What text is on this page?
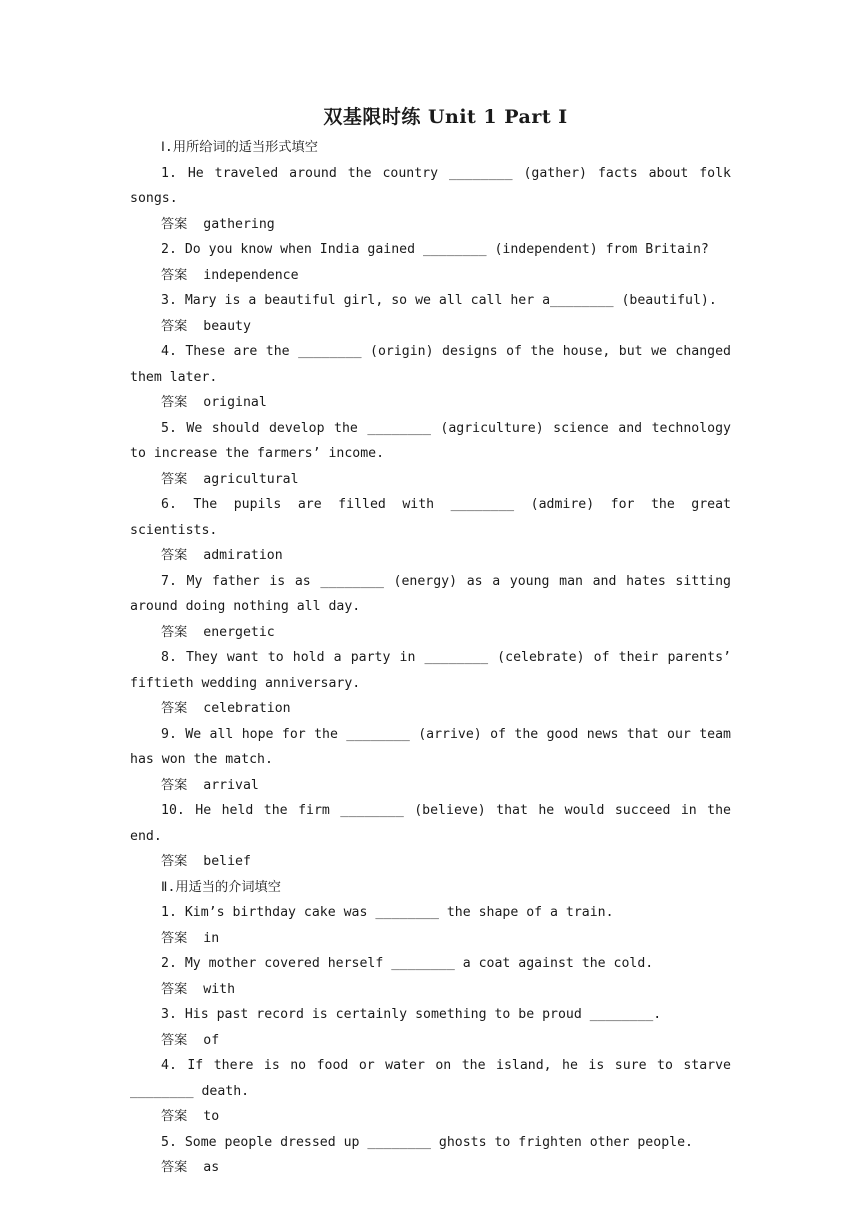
双基限时练 Unit 1 Part Ⅰ
Ⅰ.用所给词的适当形式填空
1. He traveled around the country ________ (gather) facts about folk songs.
答案 gathering
2. Do you know when India gained ________ (independent) from Britain?
答案 independence
3. Mary is a beautiful girl, so we all call her a________ (beautiful).
答案 beauty
4. These are the ________ (origin) designs of the house, but we changed them later.
答案 original
5. We should develop the ________ (agriculture) science and technology to increase the farmers’ income.
答案 agricultural
6. The pupils are filled with ________ (admire) for the great scientists.
答案 admiration
7. My father is as ________ (energy) as a young man and hates sitting around doing nothing all day.
答案 energetic
8. They want to hold a party in ________ (celebrate) of their parents’ fiftieth wedding anniversary.
答案 celebration
9. We all hope for the ________ (arrive) of the good news that our team has won the match.
答案 arrival
10. He held the firm ________ (believe) that he would succeed in the end.
答案 belief
Ⅱ.用适当的介词填空
1. Kim’s birthday cake was ________ the shape of a train.
答案 in
2. My mother covered herself ________ a coat against the cold.
答案 with
3. His past record is certainly something to be proud ________.
答案 of
4. If there is no food or water on the island, he is sure to starve ________ death.
答案 to
5. Some people dressed up ________ ghosts to frighten other people.
答案 as
